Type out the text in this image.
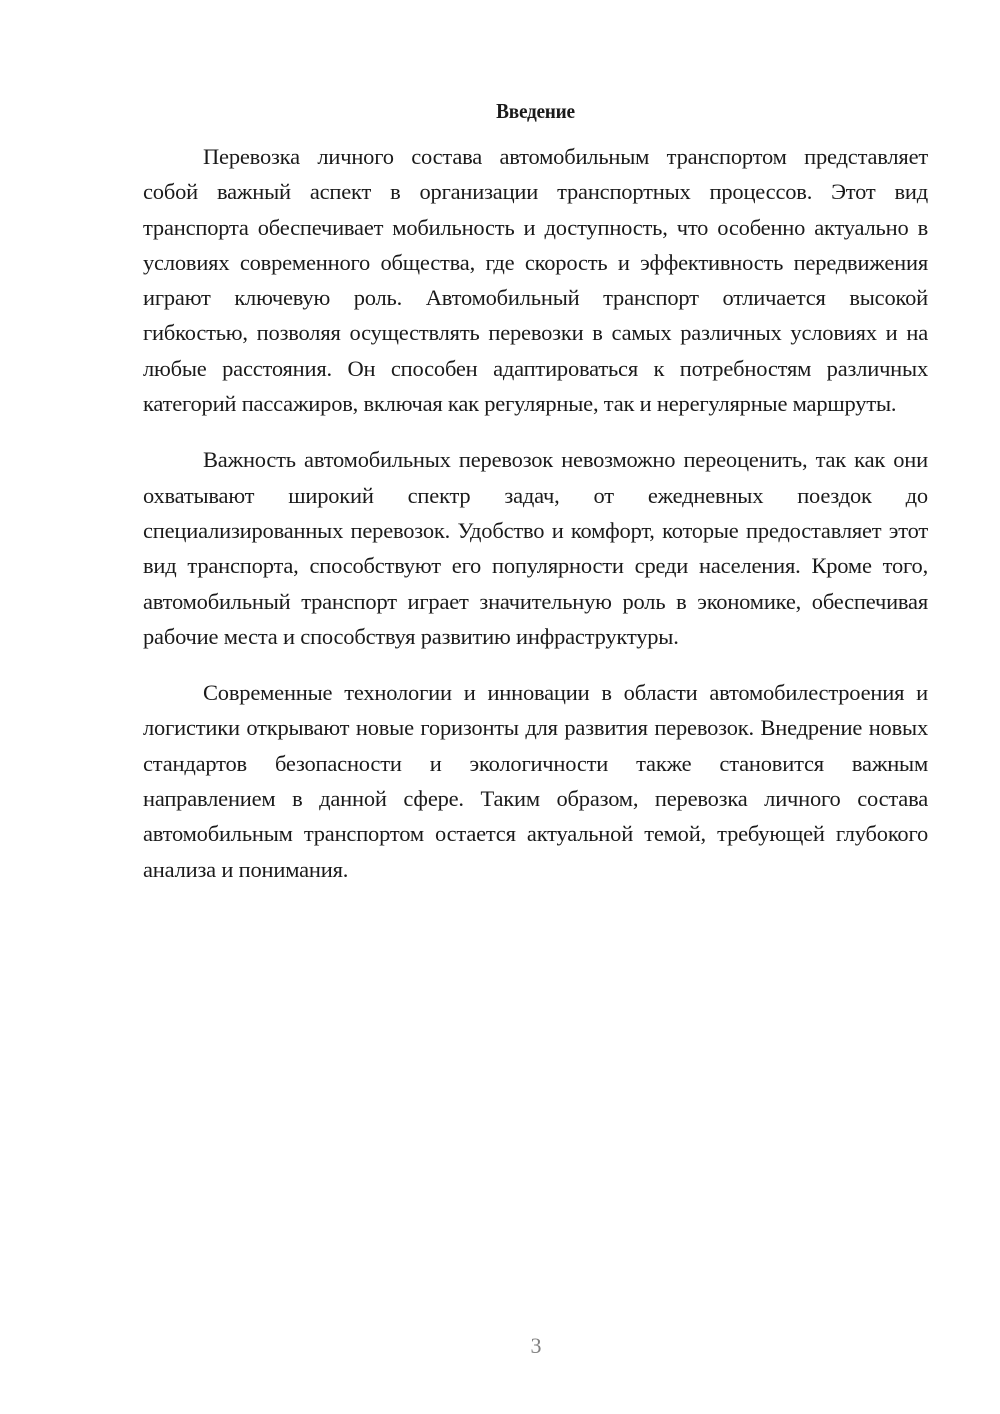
Введение

Перевозка личного состава автомобильным транспортом представляет собой важный аспект в организации транспортных процессов. Этот вид транспорта обеспечивает мобильность и доступность, что особенно актуально в условиях современного общества, где скорость и эффективность передвижения играют ключевую роль. Автомобильный транспорт отличается высокой гибкостью, позволяя осуществлять перевозки в самых различных условиях и на любые расстояния. Он способен адаптироваться к потребностям различных категорий пассажиров, включая как регулярные, так и нерегулярные маршруты.

Важность автомобильных перевозок невозможно переоценить, так как они охватывают широкий спектр задач, от ежедневных поездок до специализированных перевозок. Удобство и комфорт, которые предоставляет этот вид транспорта, способствуют его популярности среди населения. Кроме того, автомобильный транспорт играет значительную роль в экономике, обеспечивая рабочие места и способствуя развитию инфраструктуры.

Современные технологии и инновации в области автомобилестроения и логистики открывают новые горизонты для развития перевозок. Внедрение новых стандартов безопасности и экологичности также становится важным направлением в данной сфере. Таким образом, перевозка личного состава автомобильным транспортом остается актуальной темой, требующей глубокого анализа и понимания.

3
